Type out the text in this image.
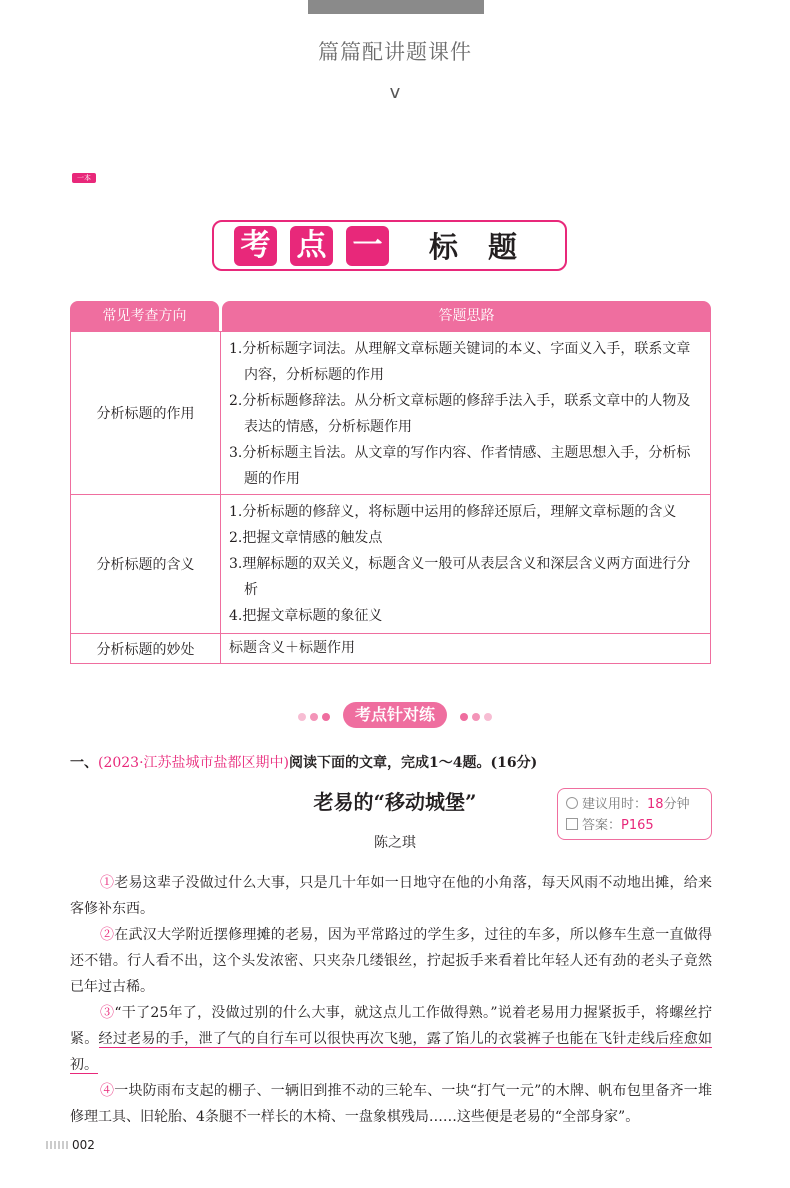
篇篇配讲题课件
v
一本
考 点 一 标题
常见考查方向	答题思路
分析标题的作用
1.分析标题字词法。从理解文章标题关键词的本义、字面义入手，联系文章内容，分析标题的作用
2.分析标题修辞法。从分析文章标题的修辞手法入手，联系文章中的人物及表达的情感，分析标题作用
3.分析标题主旨法。从文章的写作内容、作者情感、主题思想入手，分析标题的作用
分析标题的含义
1.分析标题的修辞义，将标题中运用的修辞还原后，理解文章标题的含义
2.把握文章情感的触发点
3.理解标题的双关义，标题含义一般可从表层含义和深层含义两方面进行分析
4.把握文章标题的象征义
分析标题的妙处	标题含义＋标题作用
考点针对练
一、(2023·江苏盐城市盐都区期中)阅读下面的文章，完成1～4题。(16分)
老易的“移动城堡”
陈之琪
建议用时：18分钟
答案：P165

①老易这辈子没做过什么大事，只是几十年如一日地守在他的小角落，每天风雨不动地出摊，给来客修补东西。

②在武汉大学附近摆修理摊的老易，因为平常路过的学生多，过往的车多，所以修车生意一直做得还不错。行人看不出，这个头发浓密、只夹杂几缕银丝，拧起扳手来看着比年轻人还有劲的老头子竟然已年过古稀。

③“干了25年了，没做过别的什么大事，就这点儿工作做得熟。”说着老易用力握紧扳手，将螺丝拧紧。经过老易的手，泄了气的自行车可以很快再次飞驰，露了馅儿的衣裳裤子也能在飞针走线后痊愈如初。

④一块防雨布支起的棚子、一辆旧到推不动的三轮车、一块“打气一元”的木牌、帆布包里备齐一堆修理工具、旧轮胎、4条腿不一样长的木椅、一盘象棋残局……这些便是老易的“全部身家”。

002
